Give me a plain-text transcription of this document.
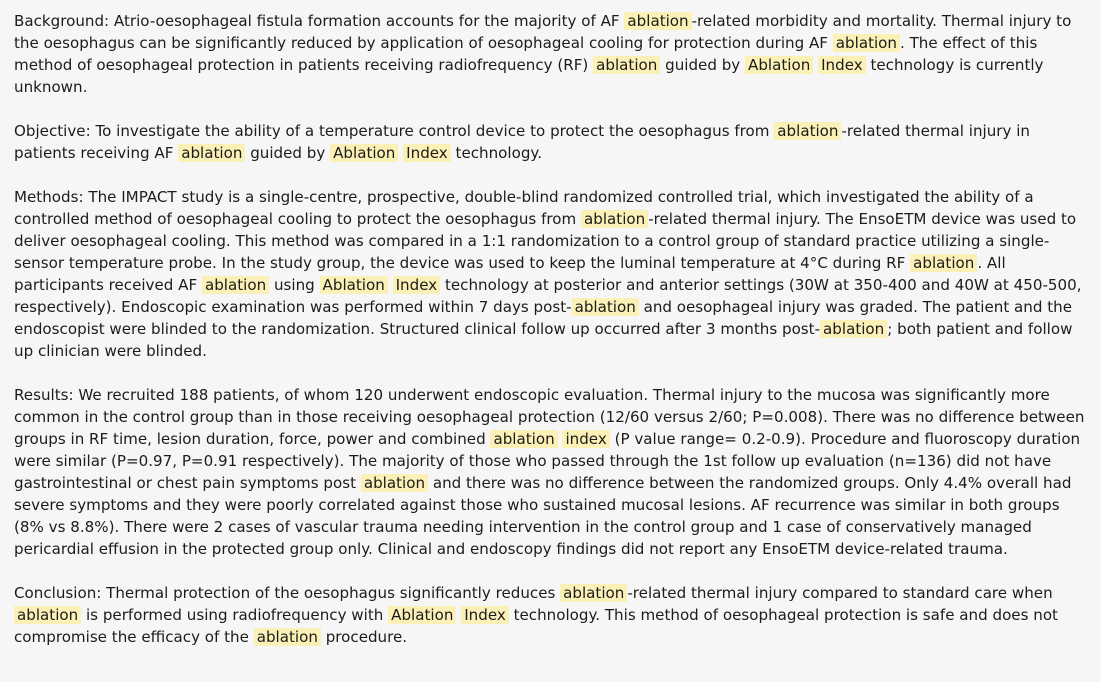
Background: Atrio-oesophageal fistula formation accounts for the majority of AF ablation -related morbidity and mortality. Thermal injury to the oesophagus can be significantly reduced by application of oesophageal cooling for protection during AF ablation . The effect of this method of oesophageal protection in patients receiving radiofrequency (RF) ablation guided by Ablation Index technology is currently unknown.

Objective: To investigate the ability of a temperature control device to protect the oesophagus from ablation -related thermal injury in patients receiving AF ablation guided by Ablation Index technology.

Methods: The IMPACT study is a single-centre, prospective, double-blind randomized controlled trial, which investigated the ability of a controlled method of oesophageal cooling to protect the oesophagus from ablation -related thermal injury. The EnsoETM device was used to deliver oesophageal cooling. This method was compared in a 1:1 randomization to a control group of standard practice utilizing a single-sensor temperature probe. In the study group, the device was used to keep the luminal temperature at 4°C during RF ablation . All participants received AF ablation using Ablation Index technology at posterior and anterior settings (30W at 350-400 and 40W at 450-500, respectively). Endoscopic examination was performed within 7 days post- ablation and oesophageal injury was graded. The patient and the endoscopist were blinded to the randomization. Structured clinical follow up occurred after 3 months post- ablation ; both patient and follow up clinician were blinded.

Results: We recruited 188 patients, of whom 120 underwent endoscopic evaluation. Thermal injury to the mucosa was significantly more common in the control group than in those receiving oesophageal protection (12/60 versus 2/60; P=0.008). There was no difference between groups in RF time, lesion duration, force, power and combined ablation index (P value range= 0.2-0.9). Procedure and fluoroscopy duration were similar (P=0.97, P=0.91 respectively). The majority of those who passed through the 1st follow up evaluation (n=136) did not have gastrointestinal or chest pain symptoms post ablation and there was no difference between the randomized groups. Only 4.4% overall had severe symptoms and they were poorly correlated against those who sustained mucosal lesions. AF recurrence was similar in both groups (8% vs 8.8%). There were 2 cases of vascular trauma needing intervention in the control group and 1 case of conservatively managed pericardial effusion in the protected group only. Clinical and endoscopy findings did not report any EnsoETM device-related trauma.

Conclusion: Thermal protection of the oesophagus significantly reduces ablation -related thermal injury compared to standard care when ablation is performed using radiofrequency with Ablation Index technology. This method of oesophageal protection is safe and does not compromise the efficacy of the ablation procedure.
